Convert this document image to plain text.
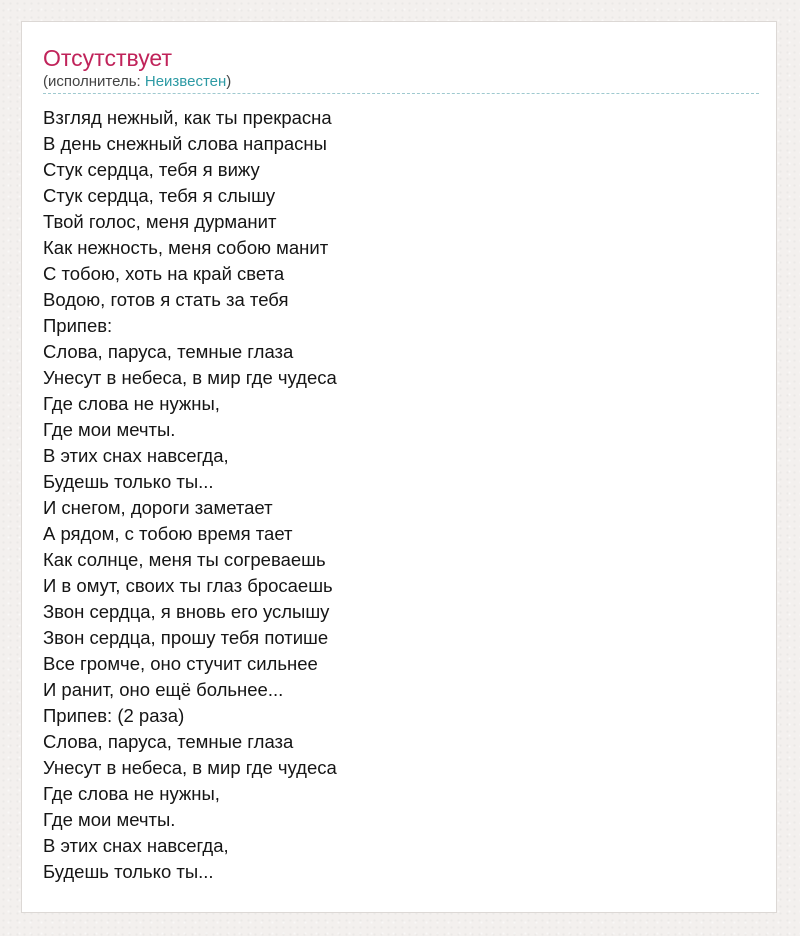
Отсутствует
(исполнитель: Неизвестен)
Взгляд нежный, как ты прекрасна
В день снежный слова напрасны
Стук сердца, тебя я вижу
Стук сердца, тебя я слышу
Твой голос, меня дурманит
Как нежность, меня собою манит
С тобою, хоть на край света
Водою, готов я стать за тебя
Припев:
Слова, паруса, темные глаза
Унесут в небеса, в мир где чудеса
Где слова не нужны,
Где мои мечты.
В этих снах навсегда,
Будешь только ты...
И снегом, дороги заметает
А рядом, с тобою время тает
Как солнце, меня ты согреваешь
И в омут, своих ты глаз бросаешь
Звон сердца, я вновь его услышу
Звон сердца, прошу тебя потише
Все громче, оно стучит сильнее
И ранит, оно ещё больнее...
Припев: (2 раза)
Слова, паруса, темные глаза
Унесут в небеса, в мир где чудеса
Где слова не нужны,
Где мои мечты.
В этих снах навсегда,
Будешь только ты...
